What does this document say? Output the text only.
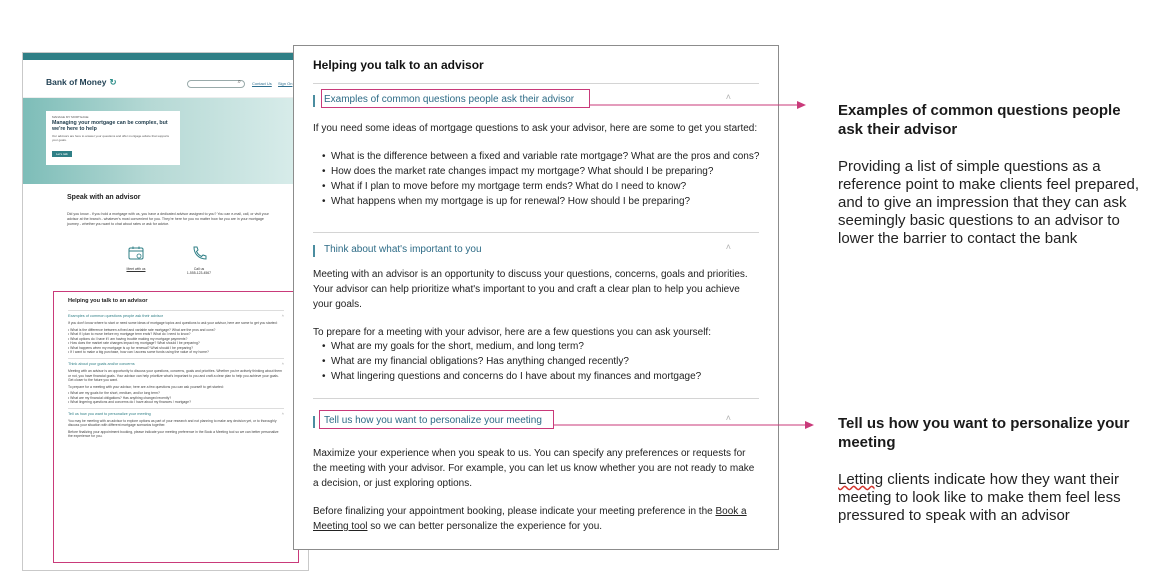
Bank of Money ↻	⌕	Contact Us Sign On
MANAGE MY MORTGAGE
Managing your mortgage can be complex, but we're here to help
Our advisors are here to answer your questions and offer mortgage advice that supports your goals.
Let's talk
Speak with an advisor
Did you know - if you hold a mortgage with us, you have a dedicated advisor assigned to you? You can e-mail, call, or visit your advisor at the branch - whatever's most convenient for you. They're here for you no matter how far you are in your mortgage journey - whether you want to chat about rates or ask for advice.
Meet with us	Call us
1-555-123-4567
Helping you talk to an advisor
Examples of common questions people ask their advisor	˄
If you don't know where to start or need some ideas of mortgage topics and questions to ask your advisor, here are some to get you started:
• What is the difference between a fixed and variable rate mortgage? What are the pros and cons?
• What if I plan to move before my mortgage term ends? What do I need to know?
• What options do I have if I am having trouble making my mortgage payments?
• How does the market rate changes impact my mortgage? What should I be preparing?
• What happens when my mortgage is up for renewal? What should I be preparing?
• If I want to make a big purchase, how can I access some funds using the value of my home?
Think about your goals and/or concerns	˄
Meeting with an advisor is an opportunity to discuss your questions, concerns, goals and priorities. Whether you're actively thinking about them or not, you have financial goals. Your advisor can help prioritize what's important to you and craft a clear plan to help you achieve your goals. Get closer to the future you want.
To prepare for a meeting with your advisor, here are a few questions you can ask yourself to get started:
• What are my goals for the short, medium, and/or long term?
• What are my financial obligations? Has anything changed recently?
• What lingering questions and concerns do I have about my finances / mortgage?
Tell us how you want to personalize your meeting	˄
You may be meeting with an advisor to explore options as part of your research and not planning to make any decision yet, or to thoroughly discuss your situation with different mortgage scenarios together.
Before finalizing your appointment booking, please indicate your meeting preference in the Book a Meeting tool so we can better personalize the experience for you.
Helping you talk to an advisor
Examples of common questions people ask their advisor	˄
If you need some ideas of mortgage questions to ask your advisor, here are some to get you started:
• What is the difference between a fixed and variable rate mortgage? What are the pros and cons?
• How does the market rate changes impact my mortgage? What should I be preparing?
• What if I plan to move before my mortgage term ends? What do I need to know?
• What happens when my mortgage is up for renewal? How should I be preparing?
Think about what's important to you	˄
Meeting with an advisor is an opportunity to discuss your questions, concerns, goals and priorities. Your advisor can help prioritize what's important to you and craft a clear plan to help you achieve your goals.
To prepare for a meeting with your advisor, here are a few questions you can ask yourself:
• What are my goals for the short, medium, and long term?
• What are my financial obligations? Has anything changed recently?
• What lingering questions and concerns do I have about my finances and mortgage?
Tell us how you want to personalize your meeting	˄
Maximize your experience when you speak to us. You can specify any preferences or requests for the meeting with your advisor. For example, you can let us know whether you are not ready to make a decision, or just exploring options.
Before finalizing your appointment booking, please indicate your meeting preference in the Book a Meeting tool so we can better personalize the experience for you.
Examples of common questions people ask their advisor

Providing a list of simple questions as a reference point to make clients feel prepared, and to give an impression that they can ask seemingly basic questions to an advisor to lower the barrier to contact the bank

Tell us how you want to personalize your meeting

Letting clients indicate how they want their meeting to look like to make them feel less pressured to speak with an advisor
